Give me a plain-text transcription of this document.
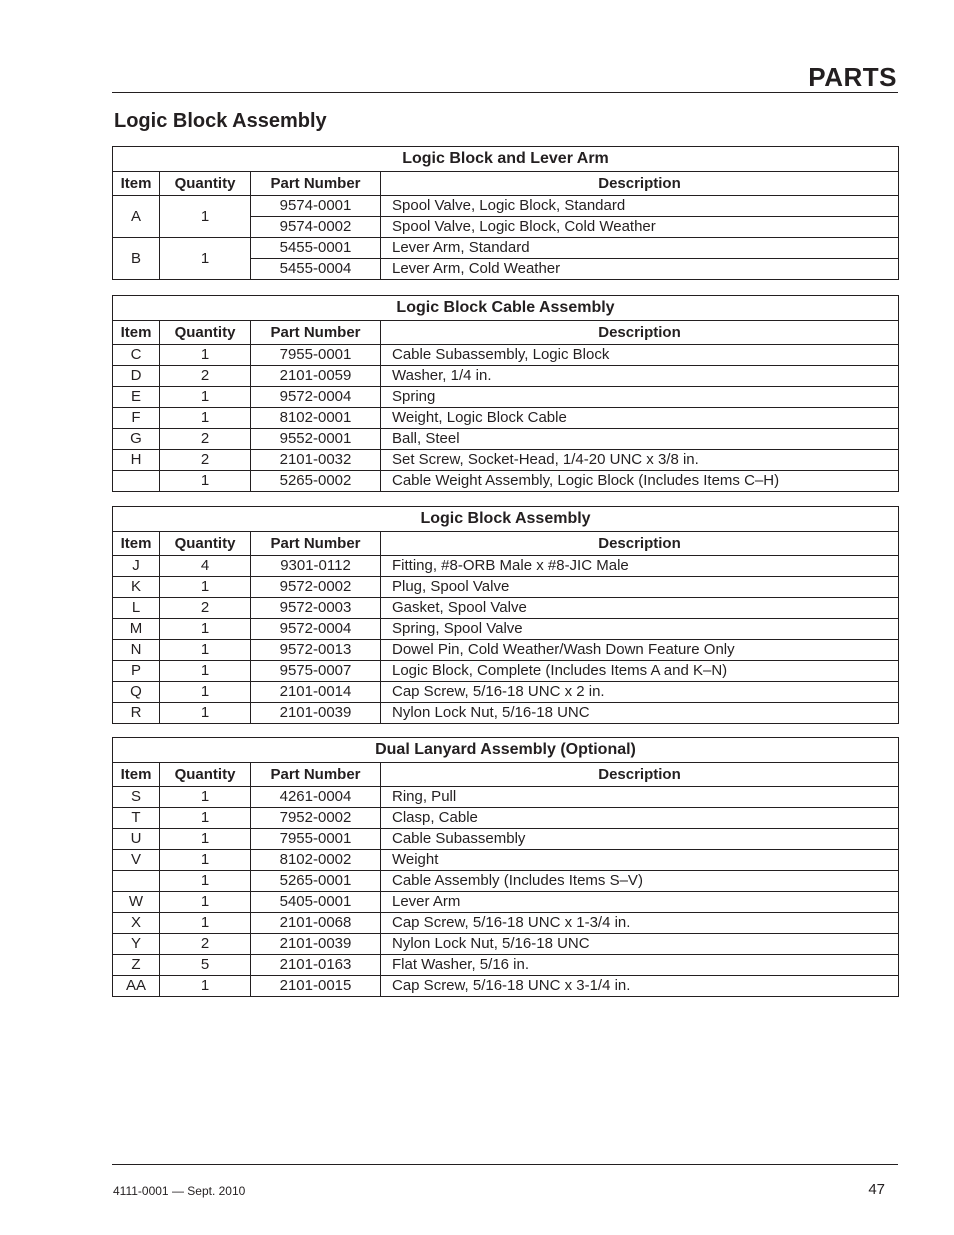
PARTS
Logic Block Assembly
Logic Block and Lever Arm			
Item	Quantity	Part Number	Description
A	1	9574-0001	Spool Valve, Logic Block, Standard
		9574-0002	Spool Valve, Logic Block, Cold Weather
B	1	5455-0001	Lever Arm, Standard
		5455-0004	Lever Arm, Cold Weather
Logic Block Cable Assembly			
Item	Quantity	Part Number	Description
C	1	7955-0001	Cable Subassembly, Logic Block
D	2	2101-0059	Washer, 1/4 in.
E	1	9572-0004	Spring
F	1	8102-0001	Weight, Logic Block Cable
G	2	9552-0001	Ball, Steel
H	2	2101-0032	Set Screw, Socket-Head, 1/4-20 UNC x 3/8 in.
	1	5265-0002	Cable Weight Assembly, Logic Block (Includes Items C–H)
Logic Block Assembly			
Item	Quantity	Part Number	Description
J	4	9301-0112	Fitting, #8-ORB Male x #8-JIC Male
K	1	9572-0002	Plug, Spool Valve
L	2	9572-0003	Gasket, Spool Valve
M	1	9572-0004	Spring, Spool Valve
N	1	9572-0013	Dowel Pin, Cold Weather/Wash Down Feature Only
P	1	9575-0007	Logic Block, Complete (Includes Items A and K–N)
Q	1	2101-0014	Cap Screw, 5/16-18 UNC x 2 in.
R	1	2101-0039	Nylon Lock Nut, 5/16-18 UNC
Dual Lanyard Assembly (Optional)			
Item	Quantity	Part Number	Description
S	1	4261-0004	Ring, Pull
T	1	7952-0002	Clasp, Cable
U	1	7955-0001	Cable Subassembly
V	1	8102-0002	Weight
	1	5265-0001	Cable Assembly (Includes Items S–V)
W	1	5405-0001	Lever Arm
X	1	2101-0068	Cap Screw, 5/16-18 UNC x 1-3/4 in.
Y	2	2101-0039	Nylon Lock Nut, 5/16-18 UNC
Z	5	2101-0163	Flat Washer, 5/16 in.
AA	1	2101-0015	Cap Screw, 5/16-18 UNC x 3-1/4 in.
4111-0001 — Sept. 2010	47
